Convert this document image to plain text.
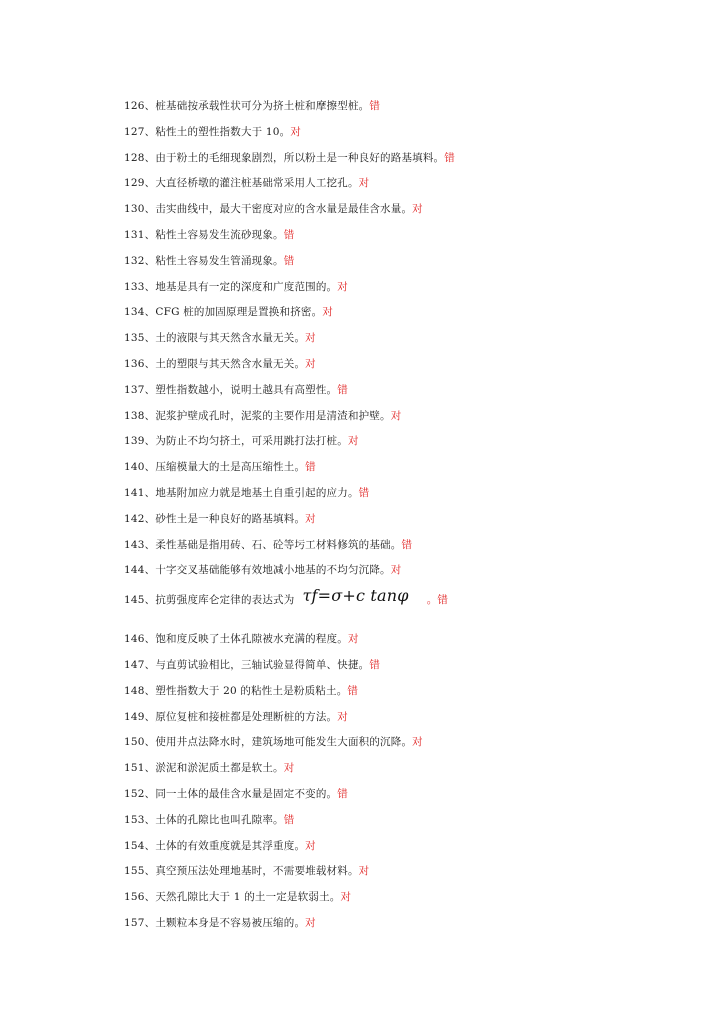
126、桩基础按承载性状可分为挤土桩和摩擦型桩。错
127、粘性土的塑性指数大于 10。对
128、由于粉土的毛细现象剧烈，所以粉土是一种良好的路基填料。错
129、大直径桥墩的灌注桩基础常采用人工挖孔。对
130、击实曲线中，最大干密度对应的含水量是最佳含水量。对
131、粘性土容易发生流砂现象。错
132、粘性土容易发生管涌现象。错
133、地基是具有一定的深度和广度范围的。对
134、CFG 桩的加固原理是置换和挤密。对
135、土的液限与其天然含水量无关。对
136、土的塑限与其天然含水量无关。对
137、塑性指数越小，说明土越具有高塑性。错
138、泥浆护壁成孔时，泥浆的主要作用是清渣和护壁。对
139、为防止不均匀挤土，可采用跳打法打桩。对
140、压缩模量大的土是高压缩性土。错
141、地基附加应力就是地基土自重引起的应力。错
142、砂性土是一种良好的路基填料。对
143、柔性基础是指用砖、石、砼等圬工材料修筑的基础。错
144、十字交叉基础能够有效地减小地基的不均匀沉降。对
145、抗剪强度库仑定律的表达式为 τf=σ+c tanφ 。错
146、饱和度反映了土体孔隙被水充满的程度。对
147、与直剪试验相比，三轴试验显得简单、快捷。错
148、塑性指数大于 20 的粘性土是粉质粘土。错
149、原位复桩和接桩都是处理断桩的方法。对
150、使用井点法降水时，建筑场地可能发生大面积的沉降。对
151、淤泥和淤泥质土都是软土。对
152、同一土体的最佳含水量是固定不变的。错
153、土体的孔隙比也叫孔隙率。错
154、土体的有效重度就是其浮重度。对
155、真空预压法处理地基时，不需要堆载材料。对
156、天然孔隙比大于 1 的土一定是软弱土。对
157、土颗粒本身是不容易被压缩的。对
